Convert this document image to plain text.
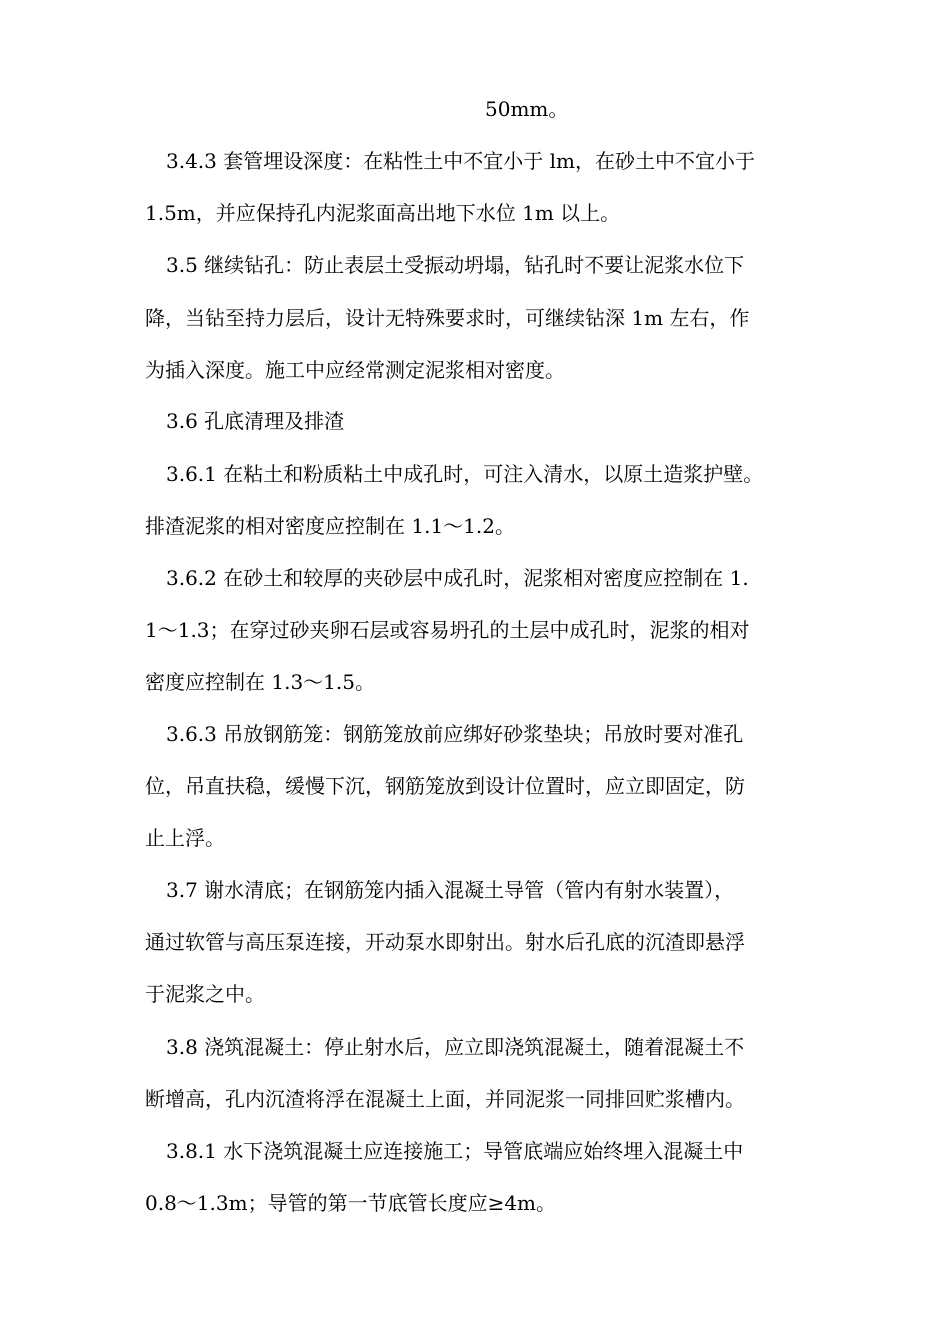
50mm。
3.4.3 套管埋设深度：在粘性土中不宜小于 lm，在砂土中不宜小于
1.5m，并应保持孔内泥浆面高出地下水位 1m 以上。
3.5 继续钻孔：防止表层土受振动坍塌，钻孔时不要让泥浆水位下
降，当钻至持力层后，设计无特殊要求时，可继续钻深 1m 左右，作
为插入深度。施工中应经常测定泥浆相对密度。
3.6 孔底清理及排渣
3.6.1 在粘土和粉质粘土中成孔时，可注入清水，以原土造浆护壁。
排渣泥浆的相对密度应控制在 1.1～1.2。
3.6.2 在砂土和较厚的夹砂层中成孔时，泥浆相对密度应控制在 1.
1～1.3；在穿过砂夹卵石层或容易坍孔的土层中成孔时，泥浆的相对
密度应控制在 1.3～1.5。
3.6.3 吊放钢筋笼：钢筋笼放前应绑好砂浆垫块；吊放时要对准孔
位，吊直扶稳，缓慢下沉，钢筋笼放到设计位置时，应立即固定，防
止上浮。
3.7 谢水清底；在钢筋笼内插入混凝土导管（管内有射水装置），
通过软管与高压泵连接，开动泵水即射出。射水后孔底的沉渣即悬浮
于泥浆之中。
3.8 浇筑混凝土：停止射水后，应立即浇筑混凝土，随着混凝土不
断增高，孔内沉渣将浮在混凝土上面，并同泥浆一同排回贮浆槽内。
3.8.1 水下浇筑混凝土应连接施工；导管底端应始终埋入混凝土中
0.8～1.3m；导管的第一节底管长度应≥4m。
